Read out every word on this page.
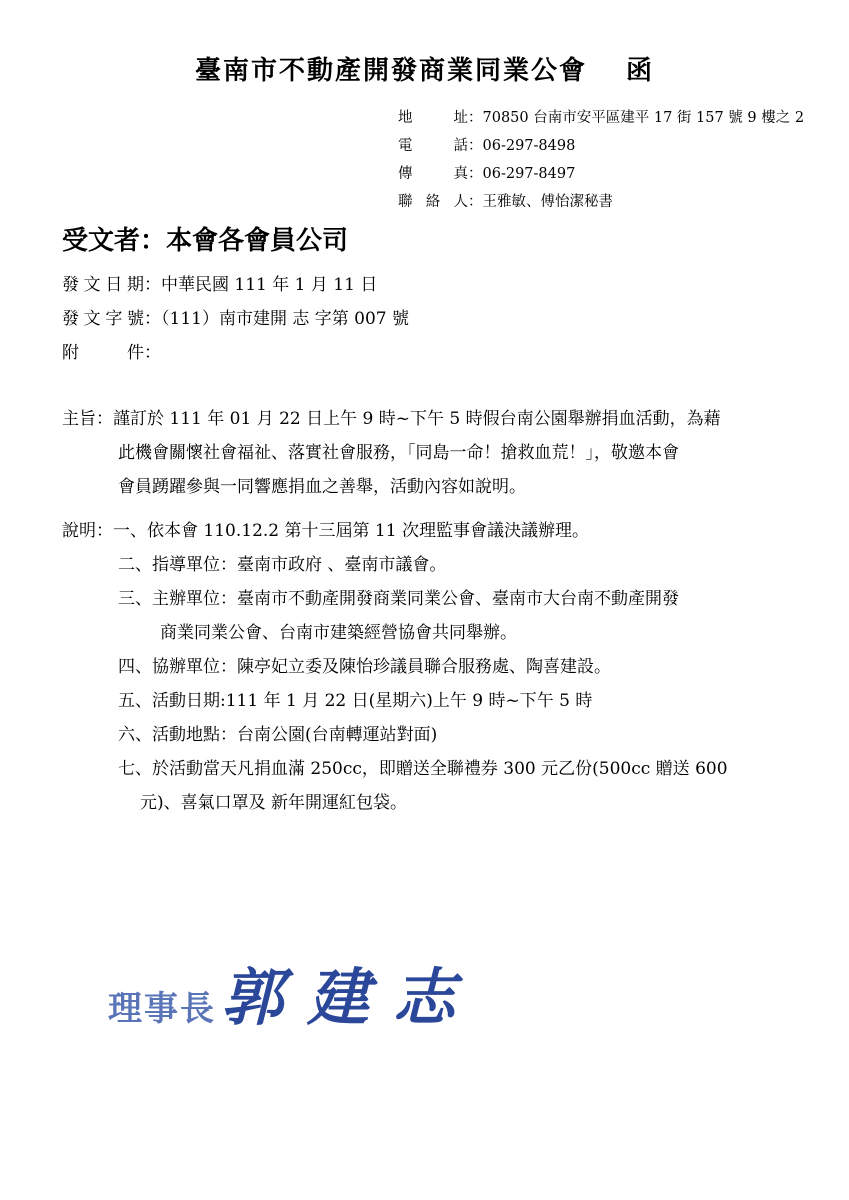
臺南市不動產開發商業同業公會　 函
地　　址：70850 台南市安平區建平 17 街 157 號 9 樓之 2
電　　話：06-297-8498
傳　　真：06-297-8497
聯 絡 人：王雅敏、傅怡潔秘書
受文者：本會各會員公司
發文日期：中華民國 111 年 1 月 11 日
發文字號：（111）南市建開 志 字第 007 號
附　　件：
主旨：謹訂於 111 年 01 月 22 日上午 9 時~下午 5 時假台南公園舉辦捐血活動，為藉
此機會關懷社會福祉、落實社會服務，「同島一命！搶救血荒！」，敬邀本會
會員踴躍參與一同響應捐血之善舉，活動內容如說明。
說明：一、依本會 110.12.2 第十三屆第 11 次理監事會議決議辦理。
二、指導單位：臺南市政府 、臺南市議會。
三、主辦單位：臺南市不動產開發商業同業公會、臺南市大台南不動產開發
商業同業公會、台南市建築經營協會共同舉辦。
四、協辦單位：陳亭妃立委及陳怡珍議員聯合服務處、陶喜建設。
五、活動日期:111 年 1 月 22 日(星期六)上午 9 時~下午 5 時
六、活動地點：台南公園(台南轉運站對面)
七、於活動當天凡捐血滿 250cc，即贈送全聯禮券 300 元乙份(500cc 贈送 600
元)、喜氣口罩及 新年開運紅包袋。
理事長 郭建志
